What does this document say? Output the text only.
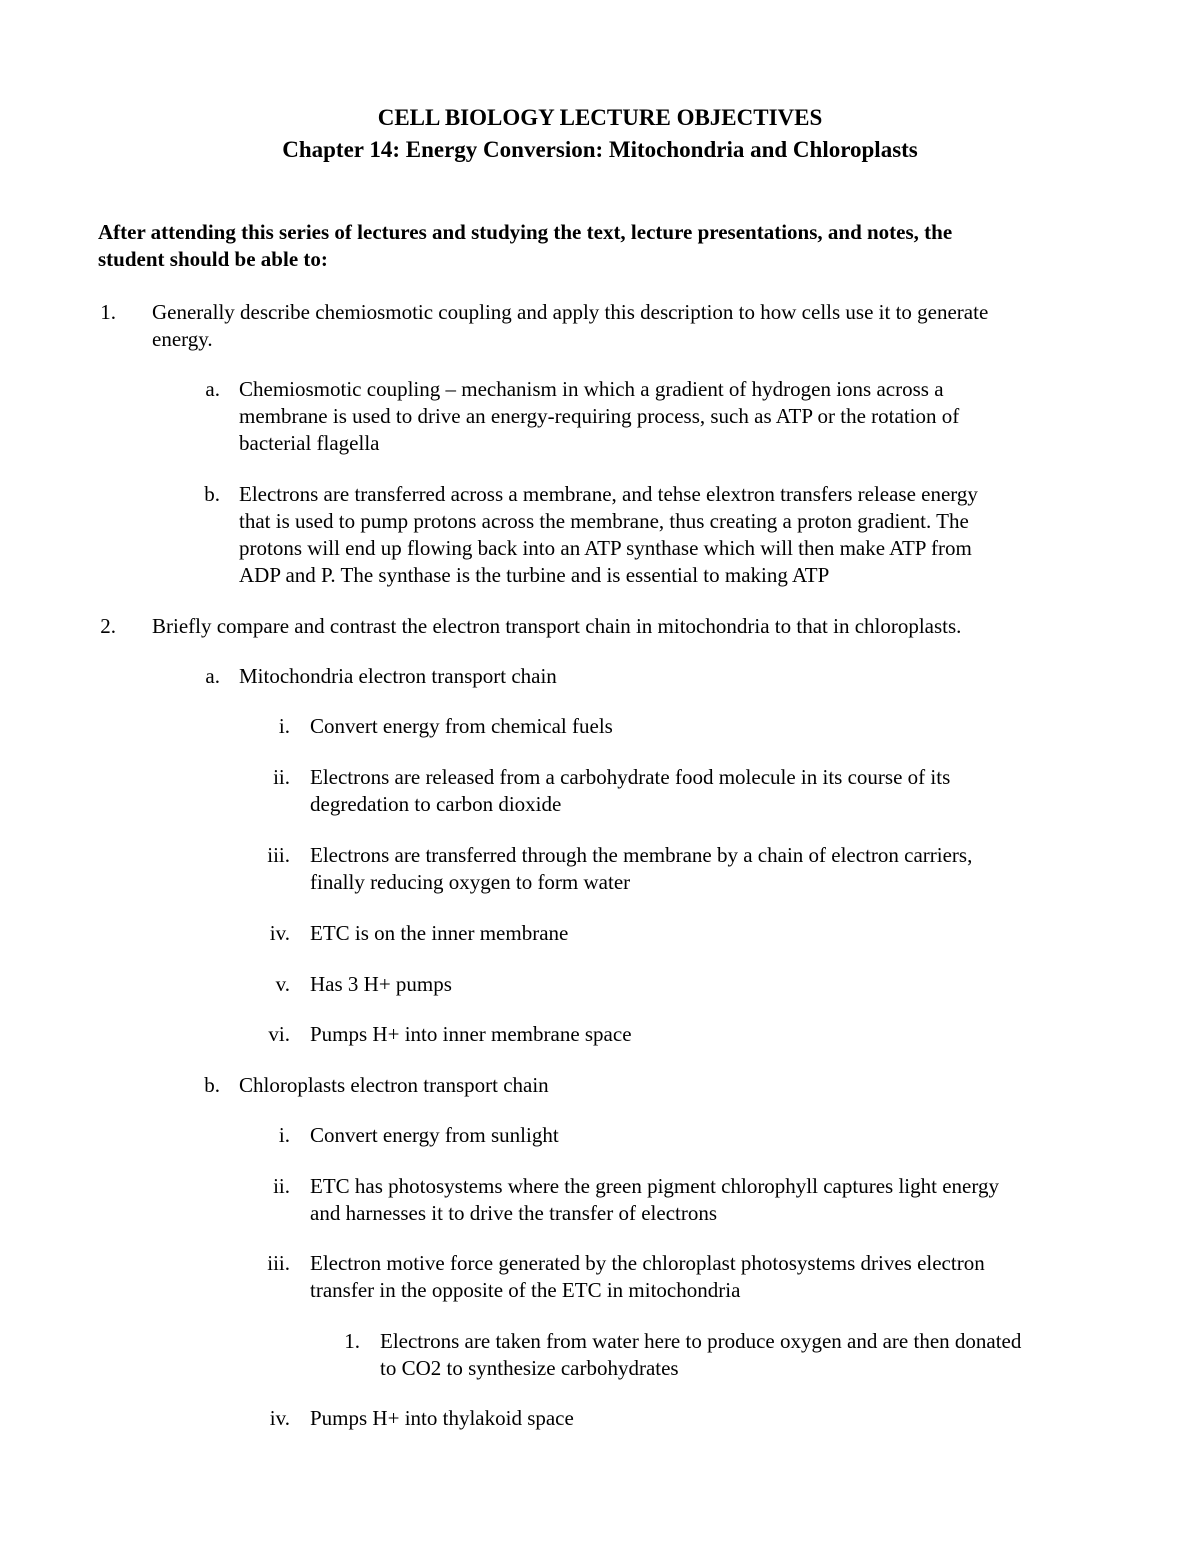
CELL BIOLOGY LECTURE OBJECTIVES
Chapter 14: Energy Conversion: Mitochondria and Chloroplasts
After attending this series of lectures and studying the text, lecture presentations, and notes, the
student should be able to:
1. Generally describe chemiosmotic coupling and apply this description to how cells use it to generate
energy.
a. Chemiosmotic coupling – mechanism in which a gradient of hydrogen ions across a
membrane is used to drive an energy-requiring process, such as ATP or the rotation of
bacterial flagella
b. Electrons are transferred across a membrane, and tehse elextron transfers release energy
that is used to pump protons across the membrane, thus creating a proton gradient. The
protons will end up flowing back into an ATP synthase which will then make ATP from
ADP and P. The synthase is the turbine and is essential to making ATP
2. Briefly compare and contrast the electron transport chain in mitochondria to that in chloroplasts.
a. Mitochondria electron transport chain
i. Convert energy from chemical fuels
ii. Electrons are released from a carbohydrate food molecule in its course of its
degredation to carbon dioxide
iii. Electrons are transferred through the membrane by a chain of electron carriers,
finally reducing oxygen to form water
iv. ETC is on the inner membrane
v. Has 3 H+ pumps
vi. Pumps H+ into inner membrane space
b. Chloroplasts electron transport chain
i. Convert energy from sunlight
ii. ETC has photosystems where the green pigment chlorophyll captures light energy
and harnesses it to drive the transfer of electrons
iii. Electron motive force generated by the chloroplast photosystems drives electron
transfer in the opposite of the ETC in mitochondria
1. Electrons are taken from water here to produce oxygen and are then donated
to CO2 to synthesize carbohydrates
iv. Pumps H+ into thylakoid space
